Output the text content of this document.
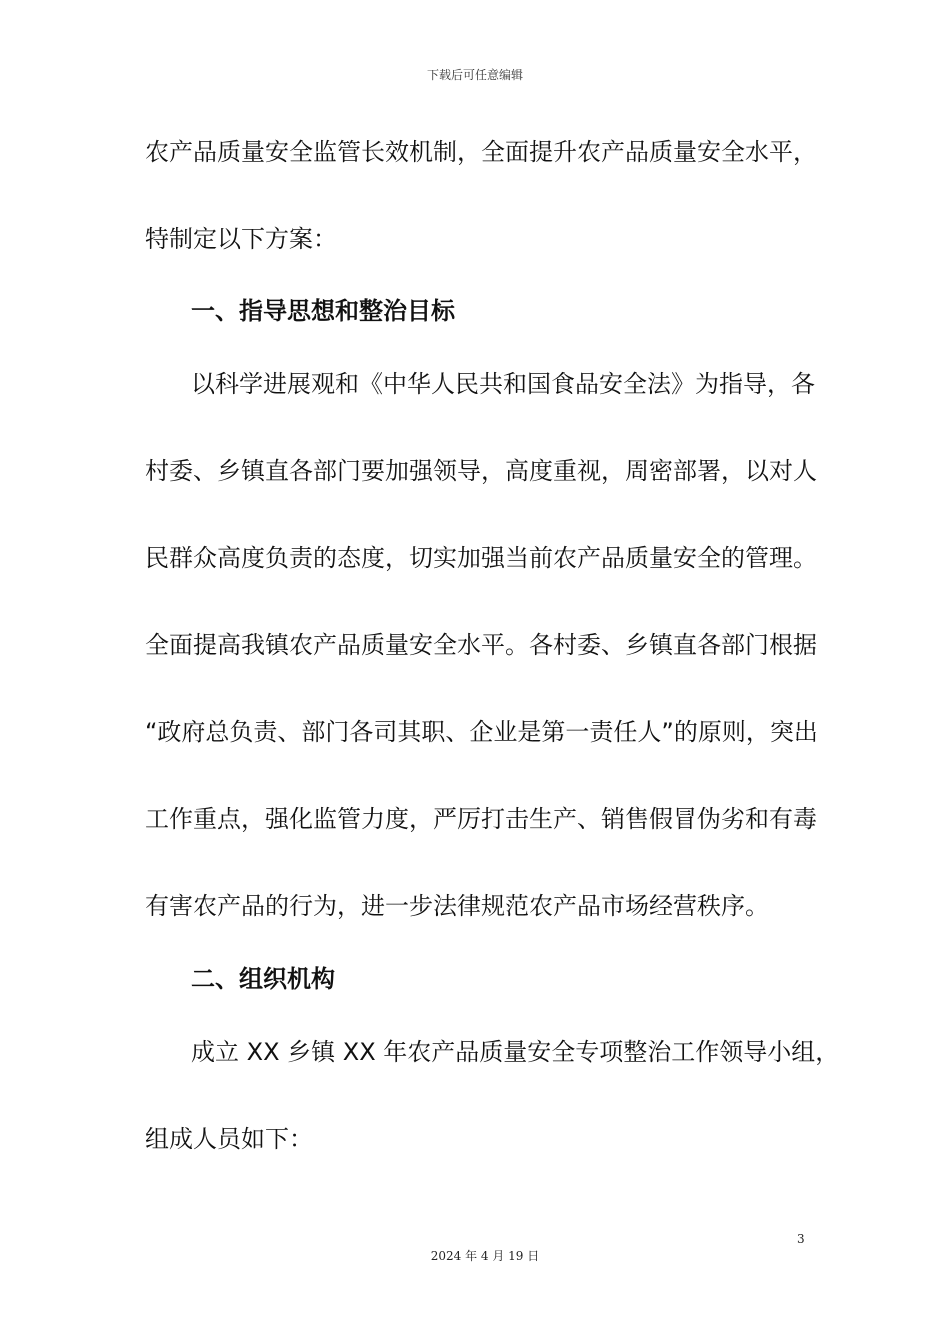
下载后可任意编辑
农产品质量安全监管长效机制，全面提升农产品质量安全水平，
特制定以下方案：
一、指导思想和整治目标
以科学进展观和《中华人民共和国食品安全法》为指导，各
村委、乡镇直各部门要加强领导，高度重视，周密部署，以对人
民群众高度负责的态度，切实加强当前农产品质量安全的管理。
全面提高我镇农产品质量安全水平。各村委、乡镇直各部门根据
“政府总负责、部门各司其职、企业是第一责任人”的原则，突出
工作重点，强化监管力度，严厉打击生产、销售假冒伪劣和有毒
有害农产品的行为，进一步法律规范农产品市场经营秩序。
二、组织机构
成立 XX 乡镇 XX 年农产品质量安全专项整治工作领导小组，
组成人员如下：
3
2024 年 4 月 19 日
